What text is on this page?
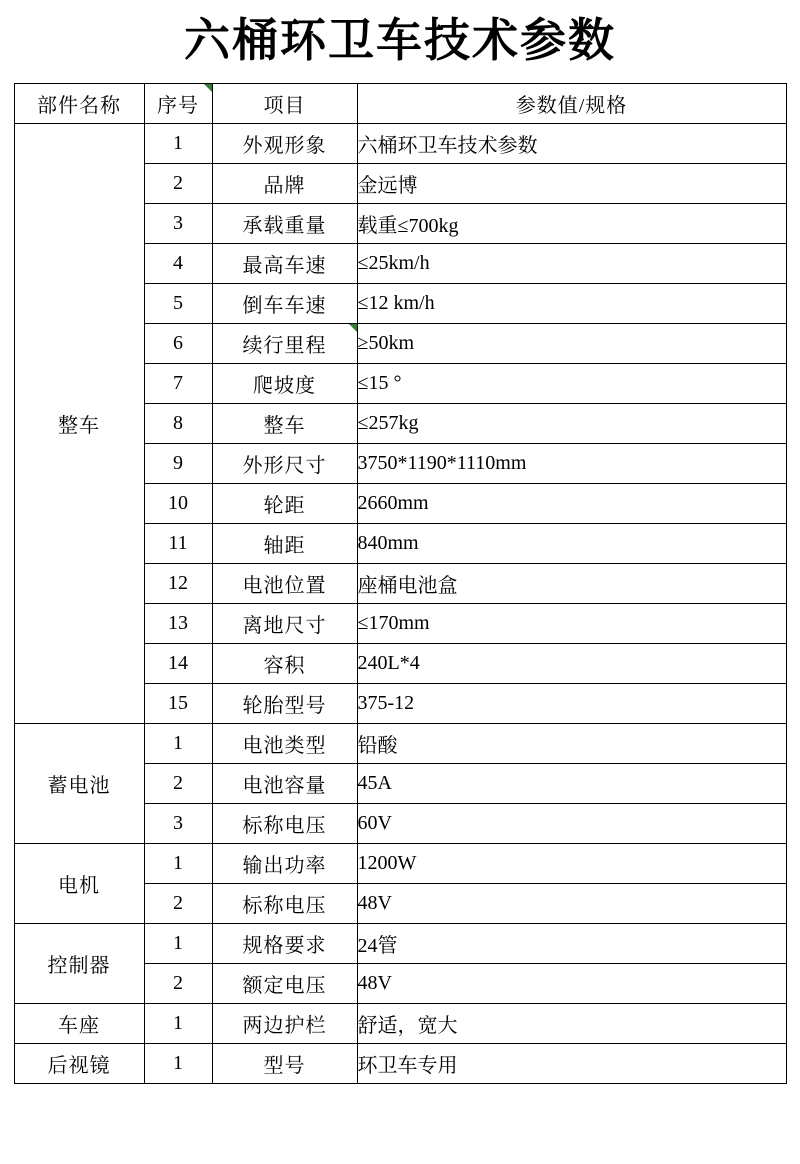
六桶环卫车技术参数
部件名称	序号	项目	参数值/规格
整车	1	外观形象	六桶环卫车技术参数
	2	品牌	金远博
	3	承载重量	载重≤700kg
	4	最高车速	≤25km/h
	5	倒车车速	≤12 km/h
	6	续行里程	≥50km
	7	爬坡度	≤15 °
	8	整车	≤257kg
	9	外形尺寸	3750*1190*1110mm
	10	轮距	2660mm
	11	轴距	840mm
	12	电池位置	座桶电池盒
	13	离地尺寸	≤170mm
	14	容积	240L*4
	15	轮胎型号	375-12
蓄电池	1	电池类型	铅酸
	2	电池容量	45A
	3	标称电压	60V
电机	1	输出功率	1200W
	2	标称电压	48V
控制器	1	规格要求	24管
	2	额定电压	48V
车座	1	两边护栏	舒适，宽大
后视镜	1	型号	环卫车专用
